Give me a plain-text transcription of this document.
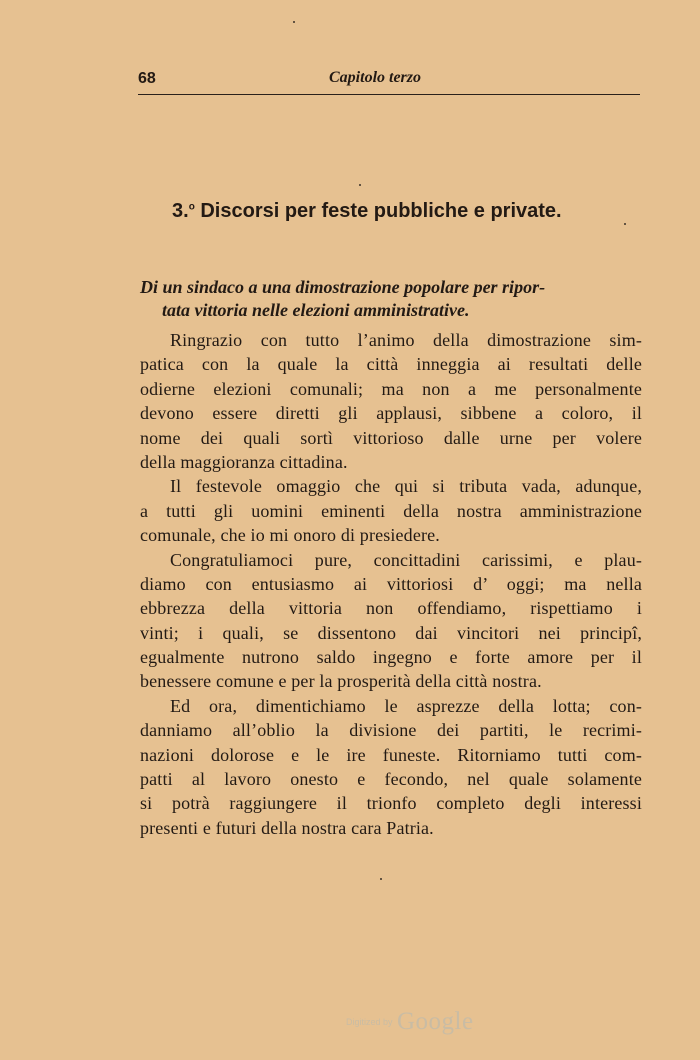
68	Capitolo terzo
3.$^o$ Discorsi per feste pubbliche e private.
Di un sindaco a una dimostrazione popolare per ripor-
tata vittoria nelle elezioni amministrative.
Ringrazio con tutto l’animo della dimostrazione sim-
patica con la quale la città inneggia ai resultati delle
odierne elezioni comunali; ma non a me personalmente
devono essere diretti gli applausi, sibbene a coloro, il
nome dei quali sortì vittorioso dalle urne per volere
della maggioranza cittadina.
Il festevole omaggio che qui si tributa vada, adunque,
a tutti gli uomini eminenti della nostra amministrazione
comunale, che io mi onoro di presiedere.
Congratuliamoci pure, concittadini carissimi, e plau-
diamo con entusiasmo ai vittoriosi d’ oggi; ma nella
ebbrezza della vittoria non offendiamo, rispettiamo i
vinti; i quali, se dissentono dai vincitori nei principî,
egualmente nutrono saldo ingegno e forte amore per il
benessere comune e per la prosperità della città nostra.
Ed ora, dimentichiamo le asprezze della lotta; con-
danniamo all’oblio la divisione dei partiti, le recrimi-
nazioni dolorose e le ire funeste. Ritorniamo tutti com-
patti al lavoro onesto e fecondo, nel quale solamente
si potrà raggiungere il trionfo completo degli interessi
presenti e futuri della nostra cara Patria.
Digitized by Google
